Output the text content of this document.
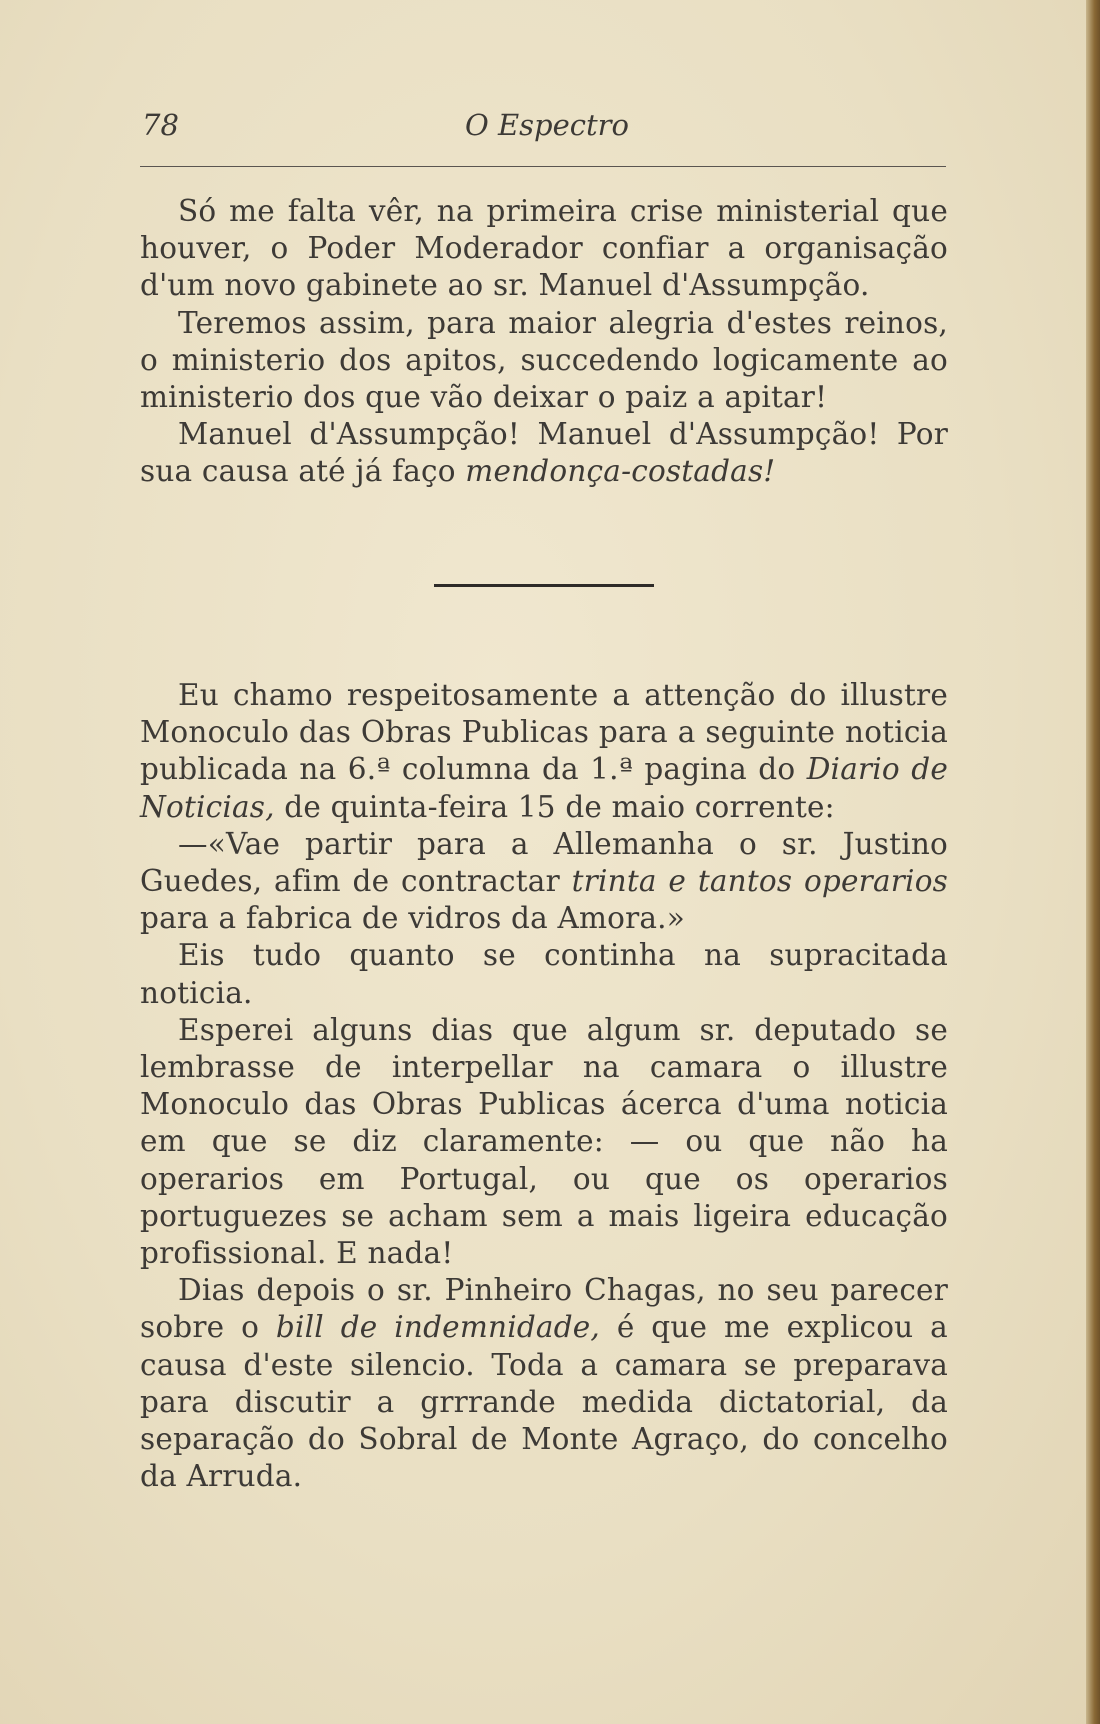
78	O Espectro

Só me falta vêr, na primeira crise ministerial que houver, o Poder Moderador confiar a organisação d'um novo gabinete ao sr. Manuel d'Assumpção.

Teremos assim, para maior alegria d'estes reinos, o ministerio dos apitos, succedendo logicamente ao ministerio dos que vão deixar o paiz a apitar!

Manuel d'Assumpção! Manuel d'Assumpção! Por sua causa até já faço mendonça-costadas!

Eu chamo respeitosamente a attenção do illustre Monoculo das Obras Publicas para a seguinte noticia publicada na 6.ª columna da 1.ª pagina do Diario de Noticias, de quinta-feira 15 de maio corrente:

—«Vae partir para a Allemanha o sr. Justino Guedes, afim de contractar trinta e tantos operarios para a fabrica de vidros da Amora.»

Eis tudo quanto se continha na supracitada noticia.

Esperei alguns dias que algum sr. deputado se lembrasse de interpellar na camara o illustre Monoculo das Obras Publicas ácerca d'uma noticia em que se diz claramente: — ou que não ha operarios em Portugal, ou que os operarios portuguezes se acham sem a mais ligeira educação profissional. E nada!

Dias depois o sr. Pinheiro Chagas, no seu parecer sobre o bill de indemnidade, é que me explicou a causa d'este silencio. Toda a camara se preparava para discutir a grrrande medida dictatorial, da separação do Sobral de Monte Agraço, do concelho da Arruda.
